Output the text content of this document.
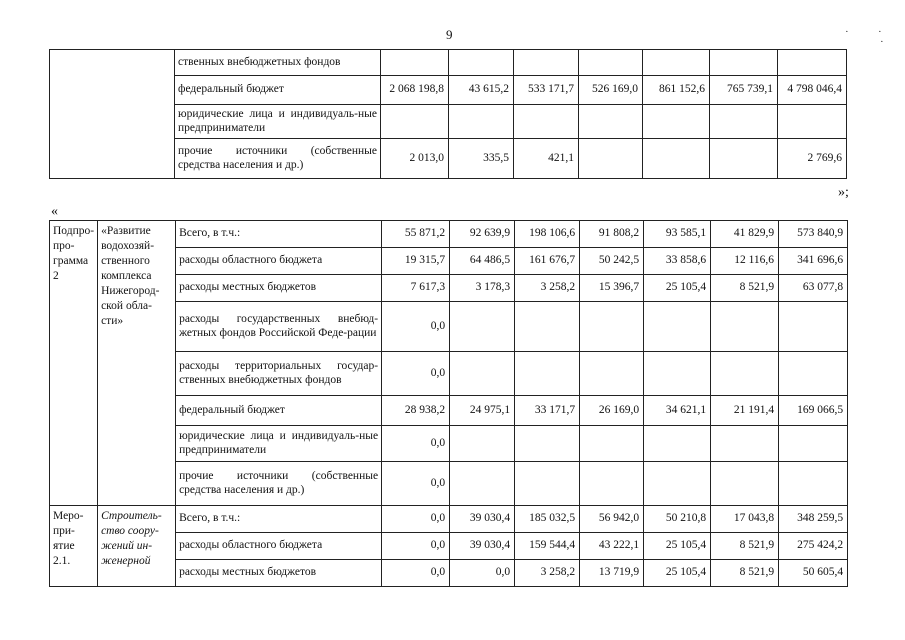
9	·	·
·
	ственных внебюджетных фондов							
	федеральный бюджет	2 068 198,8	43 615,2	533 171,7	526 169,0	861 152,6	765 739,1	4 798 046,4
	юридические лица и индивидуаль-ные предприниматели							
	прочие источники (собственные средства населения и др.)	2 013,0	335,5	421,1				2 769,6
»;
«
Подпро-про-грамма 2	«Развитие водохозяй-ственного комплекса Нижегород-ской обла-сти»	Всего, в т.ч.:	55 871,2	92 639,9	198 106,6	91 808,2	93 585,1	41 829,9	573 840,9
		расходы областного бюджета	19 315,7	64 486,5	161 676,7	50 242,5	33 858,6	12 116,6	341 696,6
		расходы местных бюджетов	7 617,3	3 178,3	3 258,2	15 396,7	25 105,4	8 521,9	63 077,8
		расходы государственных внебюд-жетных фондов Российской Феде-рации	0,0						
		расходы территориальных государ-ственных внебюджетных фондов	0,0						
		федеральный бюджет	28 938,2	24 975,1	33 171,7	26 169,0	34 621,1	21 191,4	169 066,5
		юридические лица и индивидуаль-ные предприниматели	0,0						
		прочие источники (собственные средства населения и др.)	0,0						
Меро-при-ятие 2.1.	Строитель-ство соору-жений ин-женерной	Всего, в т.ч.:	0,0	39 030,4	185 032,5	56 942,0	50 210,8	17 043,8	348 259,5
		расходы областного бюджета	0,0	39 030,4	159 544,4	43 222,1	25 105,4	8 521,9	275 424,2
		расходы местных бюджетов	0,0	0,0	3 258,2	13 719,9	25 105,4	8 521,9	50 605,4
